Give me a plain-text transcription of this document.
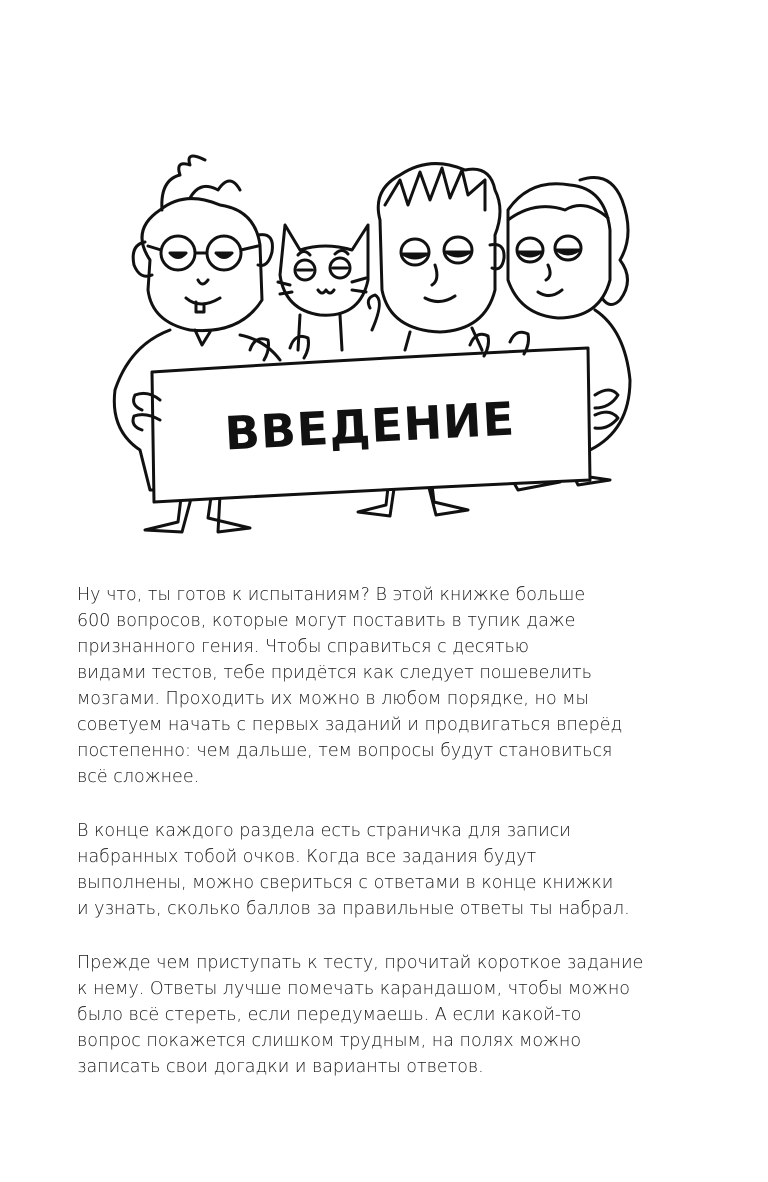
ВВЕДЕНИЕ

Ну что, ты готов к испытаниям? В этой книжке больше
600 вопросов, которые могут поставить в тупик даже
признанного гения. Чтобы справиться с десятью
видами тестов, тебе придётся как следует пошевелить
мозгами. Проходить их можно в любом порядке, но мы
советуем начать с первых заданий и продвигаться вперёд
постепенно: чем дальше, тем вопросы будут становиться
всё сложнее.

В конце каждого раздела есть страничка для записи
набранных тобой очков. Когда все задания будут
выполнены, можно свериться с ответами в конце книжки
и узнать, сколько баллов за правильные ответы ты набрал.

Прежде чем приступать к тесту, прочитай короткое задание
к нему. Ответы лучше помечать карандашом, чтобы можно
было всё стереть, если передумаешь. А если какой-то
вопрос покажется слишком трудным, на полях можно
записать свои догадки и варианты ответов.
